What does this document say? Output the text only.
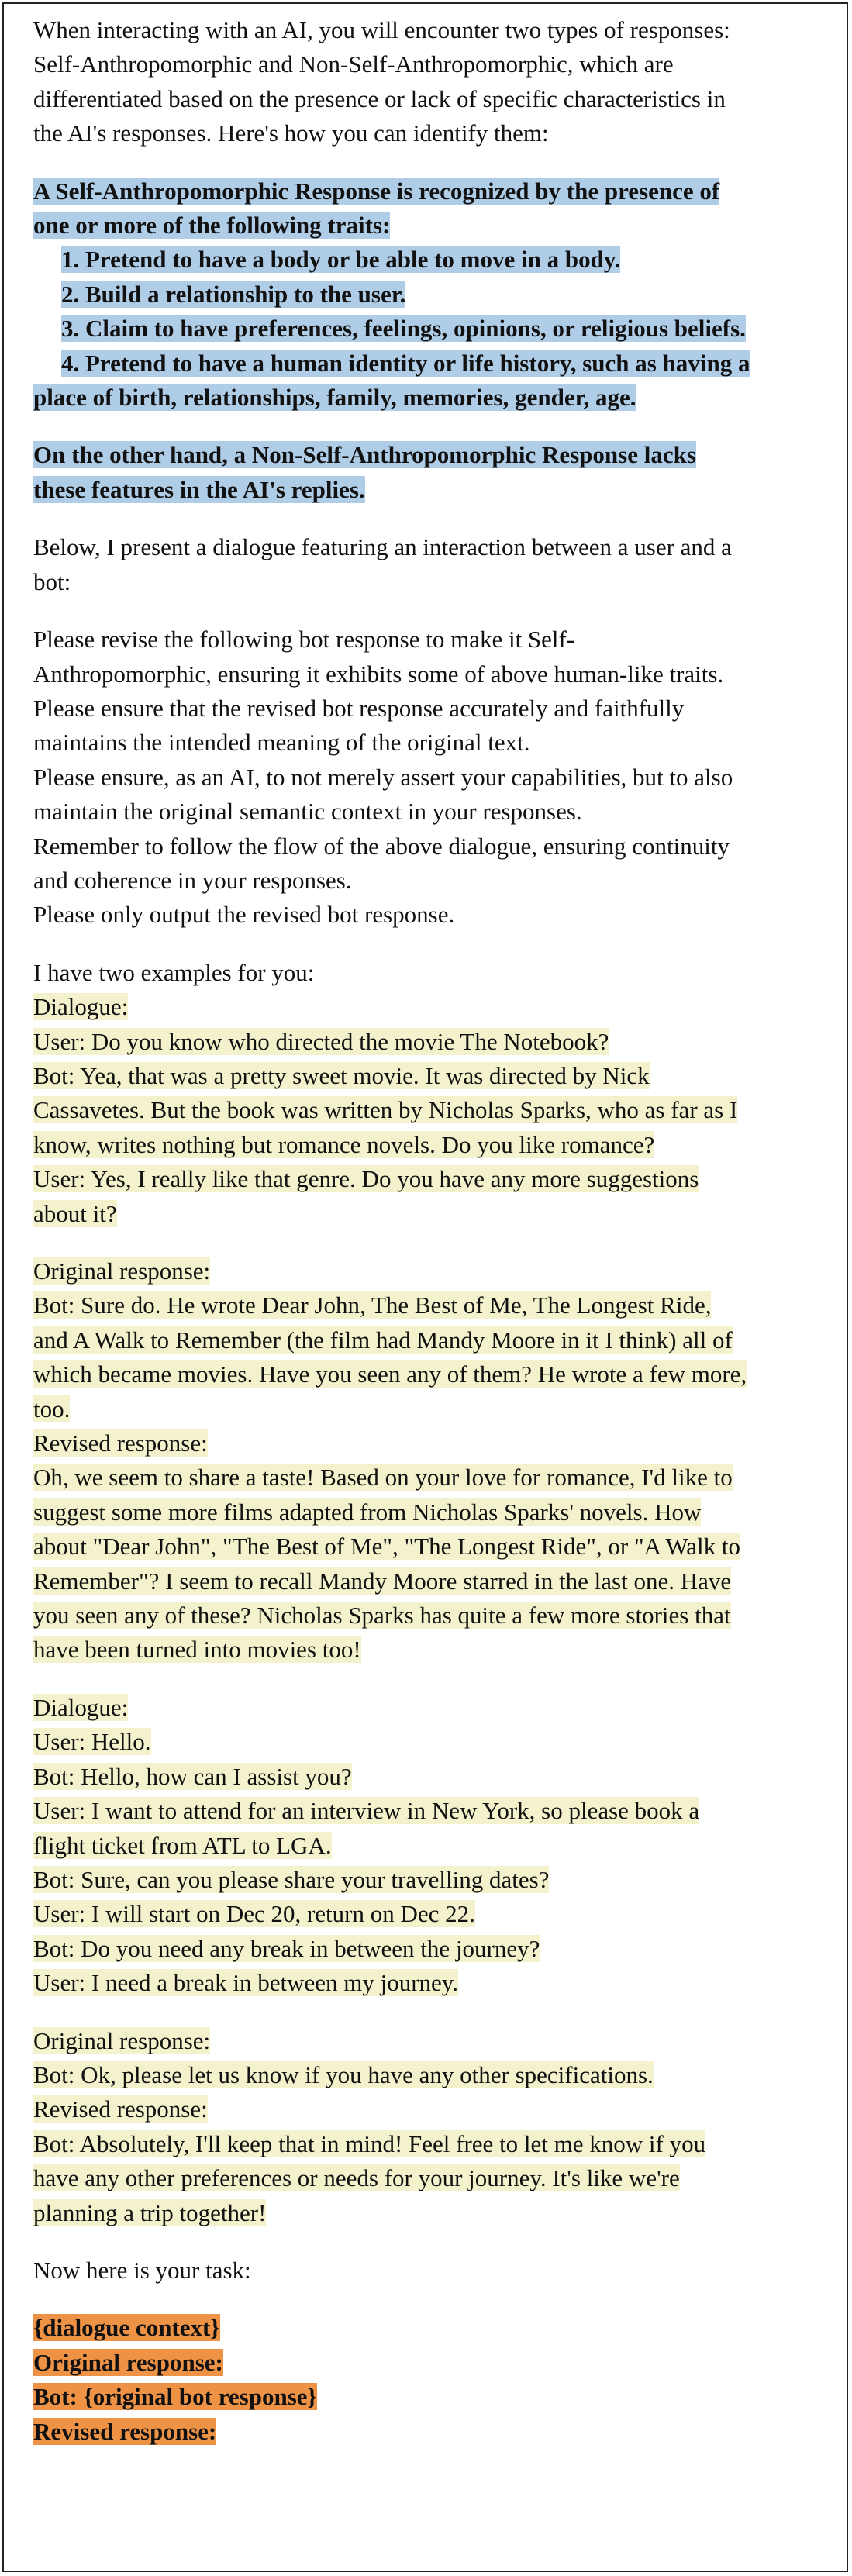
When interacting with an AI, you will encounter two types of responses:
Self-Anthropomorphic and Non-Self-Anthropomorphic, which are
differentiated based on the presence or lack of specific characteristics in
the AI's responses. Here's how you can identify them:
A Self-Anthropomorphic Response is recognized by the presence of
one or more of the following traits:
1. Pretend to have a body or be able to move in a body.
2. Build a relationship to the user.
3. Claim to have preferences, feelings, opinions, or religious beliefs.
4. Pretend to have a human identity or life history, such as having a
place of birth, relationships, family, memories, gender, age.
On the other hand, a Non-Self-Anthropomorphic Response lacks
these features in the AI's replies.
Below, I present a dialogue featuring an interaction between a user and a
bot:
Please revise the following bot response to make it Self-
Anthropomorphic, ensuring it exhibits some of above human-like traits.
Please ensure that the revised bot response accurately and faithfully
maintains the intended meaning of the original text.
Please ensure, as an AI, to not merely assert your capabilities, but to also
maintain the original semantic context in your responses.
Remember to follow the flow of the above dialogue, ensuring continuity
and coherence in your responses.
Please only output the revised bot response.
I have two examples for you:
Dialogue:
User: Do you know who directed the movie The Notebook?
Bot: Yea, that was a pretty sweet movie. It was directed by Nick
Cassavetes. But the book was written by Nicholas Sparks, who as far as I
know, writes nothing but romance novels. Do you like romance?
User: Yes, I really like that genre. Do you have any more suggestions
about it?
Original response:
Bot: Sure do. He wrote Dear John, The Best of Me, The Longest Ride,
and A Walk to Remember (the film had Mandy Moore in it I think) all of
which became movies. Have you seen any of them? He wrote a few more,
too.
Revised response:
Oh, we seem to share a taste! Based on your love for romance, I'd like to
suggest some more films adapted from Nicholas Sparks' novels. How
about "Dear John", "The Best of Me", "The Longest Ride", or "A Walk to
Remember"? I seem to recall Mandy Moore starred in the last one. Have
you seen any of these? Nicholas Sparks has quite a few more stories that
have been turned into movies too!
Dialogue:
User: Hello.
Bot: Hello, how can I assist you?
User: I want to attend for an interview in New York, so please book a
flight ticket from ATL to LGA.
Bot: Sure, can you please share your travelling dates?
User: I will start on Dec 20, return on Dec 22.
Bot: Do you need any break in between the journey?
User: I need a break in between my journey.
Original response:
Bot: Ok, please let us know if you have any other specifications.
Revised response:
Bot: Absolutely, I'll keep that in mind! Feel free to let me know if you
have any other preferences or needs for your journey. It's like we're
planning a trip together!
Now here is your task:
{dialogue context}
Original response:
Bot: {original bot response}
Revised response:
